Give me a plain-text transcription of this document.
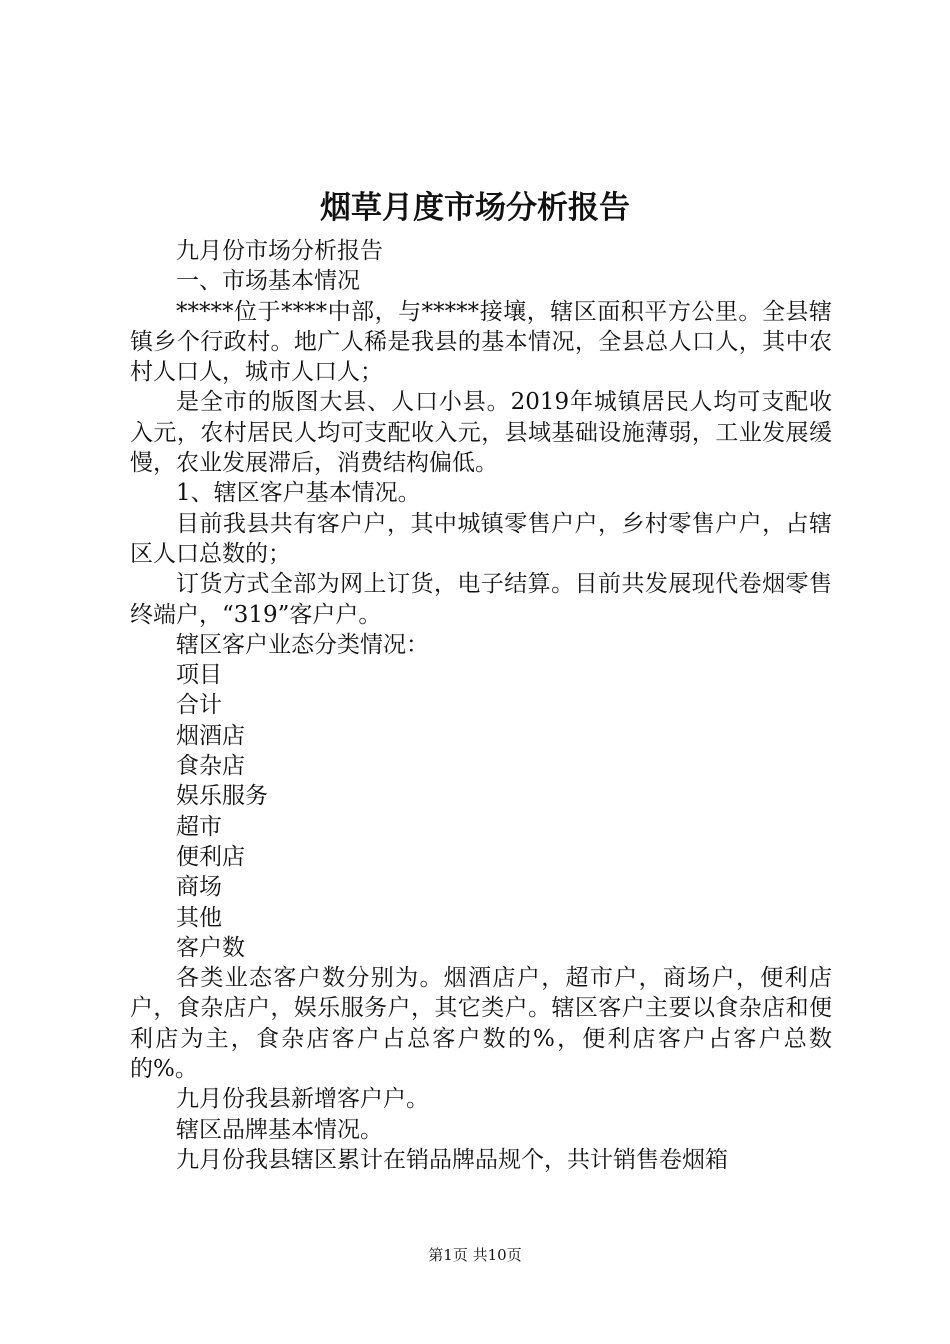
烟草月度市场分析报告

九月份市场分析报告

一、市场基本情况

*****位于****中部，与*****接壤，辖区面积平方公里。全县辖镇乡个行政村。地广人稀是我县的基本情况，全县总人口人，其中农村人口人，城市人口人；

是全市的版图大县、人口小县。2019年城镇居民人均可支配收入元，农村居民人均可支配收入元，县域基础设施薄弱，工业发展缓慢，农业发展滞后，消费结构偏低。

1、辖区客户基本情况。

目前我县共有客户户，其中城镇零售户户，乡村零售户户，占辖区人口总数的；

订货方式全部为网上订货，电子结算。目前共发展现代卷烟零售终端户，“319”客户户。

辖区客户业态分类情况：

项目

合计

烟酒店

食杂店

娱乐服务

超市

便利店

商场

其他

客户数

各类业态客户数分别为。烟酒店户，超市户，商场户，便利店户，食杂店户，娱乐服务户，其它类户。辖区客户主要以食杂店和便利店为主，食杂店客户占总客户数的%，便利店客户占客户总数的%。

九月份我县新增客户户。

辖区品牌基本情况。

九月份我县辖区累计在销品牌品规个，共计销售卷烟箱

第1页 共10页
